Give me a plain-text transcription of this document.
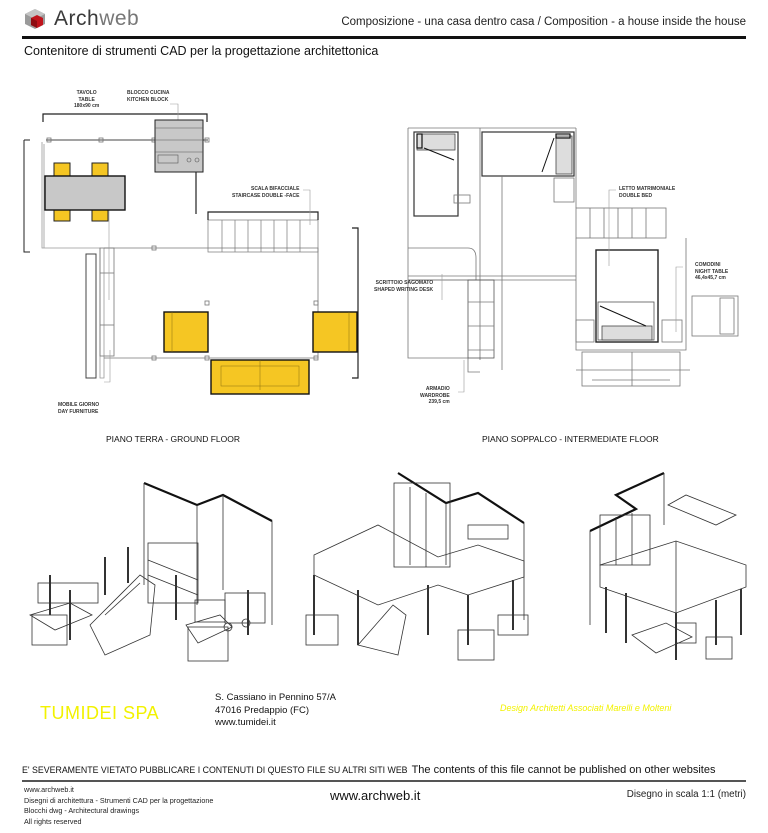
Archweb	Composizione - una casa dentro casa / Composition - a house inside the house
Contenitore di strumenti CAD per la progettazione architettonica
TAVOLO
TABLE
180x90 cm
BLOCCO CUCINA
KITCHEN BLOCK
SCALA BIFACCIALE
STAIRCASE DOUBLE -FACE
MOBILE GIORNO
DAY FURNITURE
PIANO TERRA - GROUND FLOOR
LETTO MATRIMONIALE
DOUBLE BED
COMODINI
NIGHT TABLE
46,4x45,7 cm
SCRITTOIO SAGOMATO
SHAPED WRITING DESK
ARMADIO
WARDROBE
239,5 cm
PIANO SOPPALCO - INTERMEDIATE FLOOR
TUMIDEI SPA
S. Cassiano in Pennino 57/A
47016 Predappio (FC)
www.tumidei.it
Design Architetti Associati Marelli e Molteni
E' SEVERAMENTE VIETATO PUBBLICARE I CONTENUTI DI QUESTO FILE SU ALTRI SITI WEB The contents of this file cannot be published on other websites
www.archweb.it
Disegni di architettura - Strumenti CAD per la progettazione
Blocchi dwg - Architectural drawings
All rights reserved
www.archweb.it	Disegno in scala 1:1 (metri)
